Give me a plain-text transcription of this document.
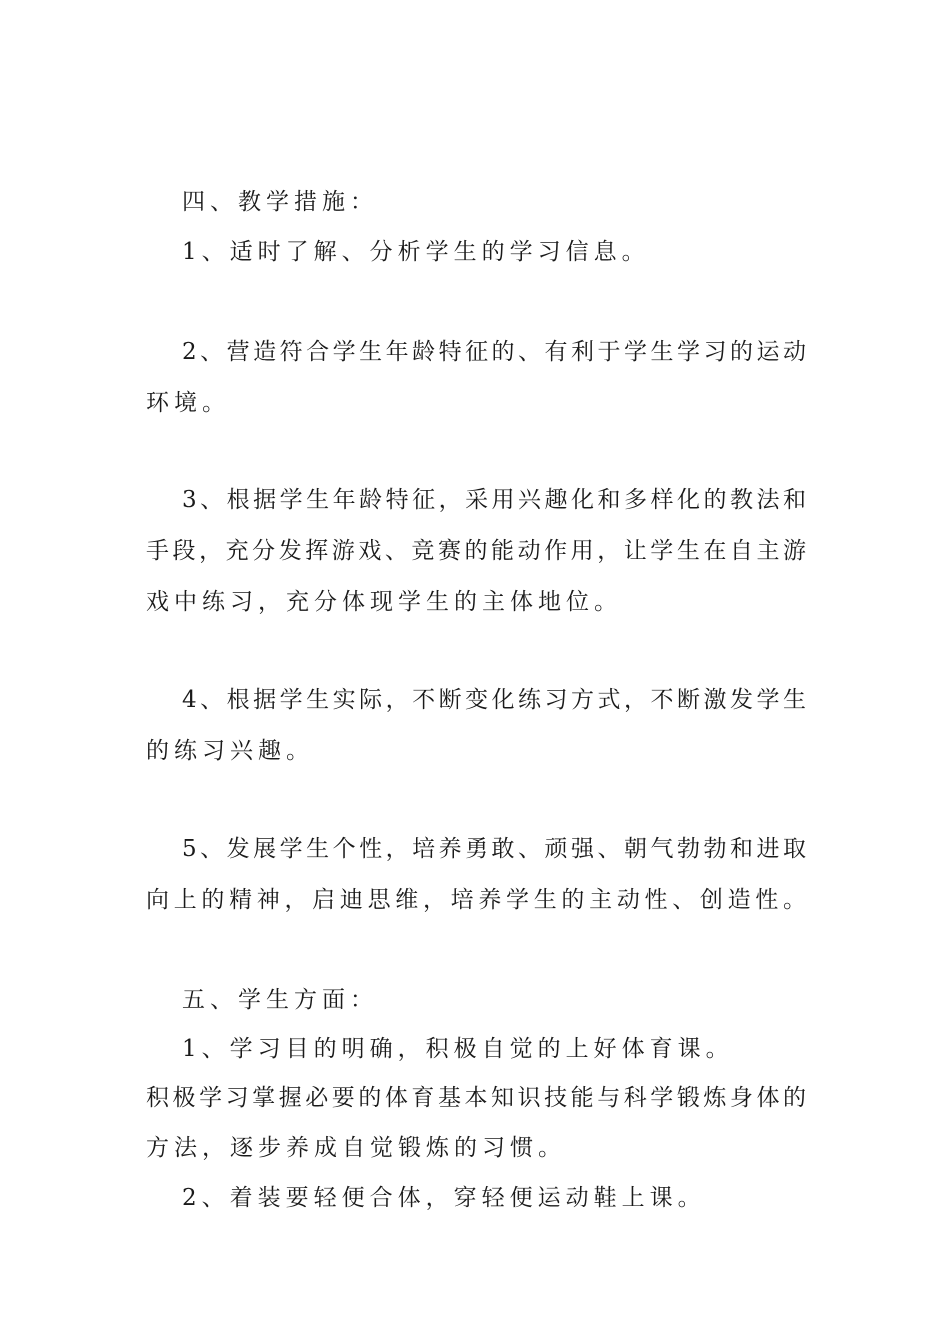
四、教学措施：
1、适时了解、分析学生的学习信息。
2、营造符合学生年龄特征的、有利于学生学习的运动
环境。
3、根据学生年龄特征，采用兴趣化和多样化的教法和
手段，充分发挥游戏、竞赛的能动作用，让学生在自主游
戏中练习，充分体现学生的主体地位。
4、根据学生实际，不断变化练习方式，不断激发学生
的练习兴趣。
5、发展学生个性，培养勇敢、顽强、朝气勃勃和进取
向上的精神，启迪思维，培养学生的主动性、创造性。
五、学生方面：
1、学习目的明确，积极自觉的上好体育课。
积极学习掌握必要的体育基本知识技能与科学锻炼身体的
方法，逐步养成自觉锻炼的习惯。
2、着装要轻便合体，穿轻便运动鞋上课。
